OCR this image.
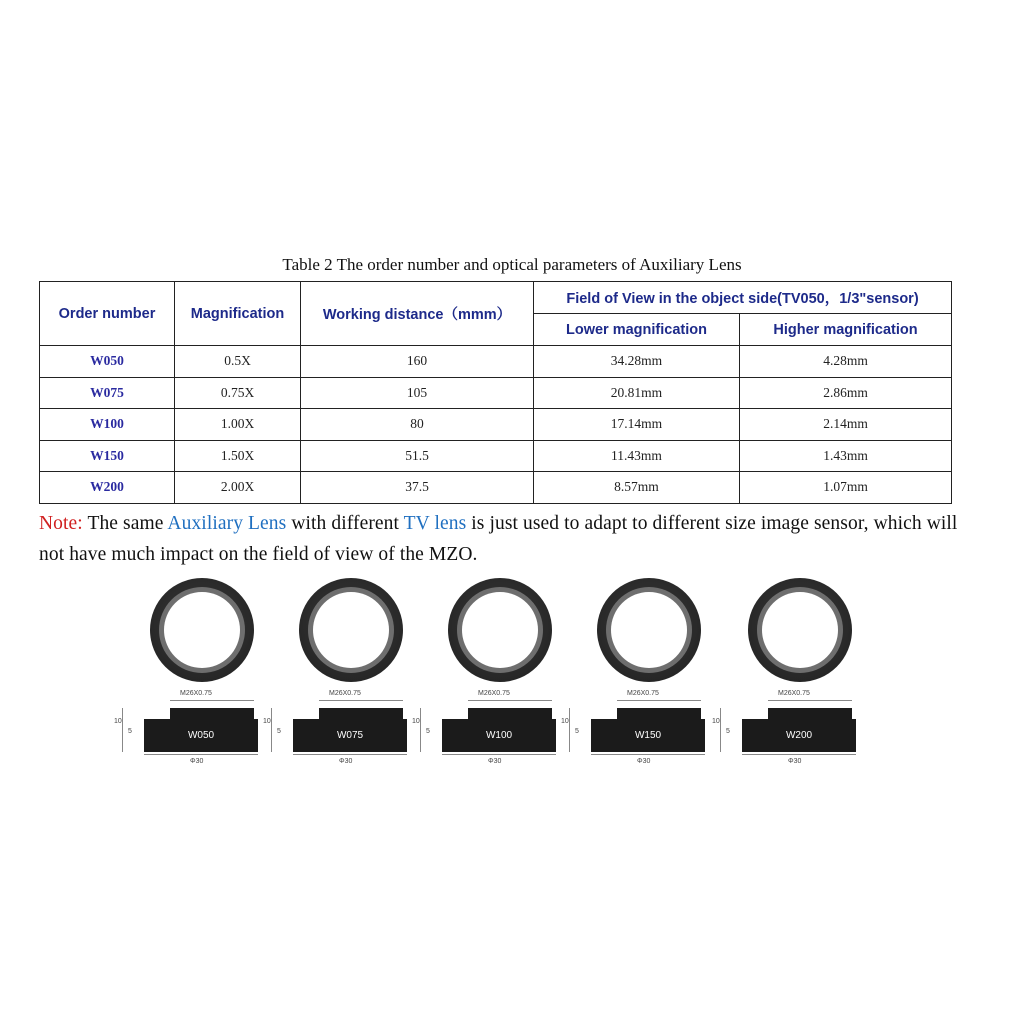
Table 2 The order number and optical parameters of Auxiliary Lens
Order number	Magnification	Working distance（mmm）	Field of View in the object side(TV050，1/3"sensor)	
			Lower magnification	Higher magnification
W050	0.5X	160	34.28mm	4.28mm
W075	0.75X	105	20.81mm	2.86mm
W100	1.00X	80	17.14mm	2.14mm
W150	1.50X	51.5	11.43mm	1.43mm
W200	2.00X	37.5	8.57mm	1.07mm
Note: The same Auxiliary Lens with different TV lens is just used to adapt to different size image sensor, which will not have much impact on the field of view of the MZO.
M26X0.75
W050
10
5
Φ30
M26X0.75
W075
10
5
Φ30
M26X0.75
W100
10
5
Φ30
M26X0.75
W150
10
5
Φ30
M26X0.75
W200
10
5
Φ30
